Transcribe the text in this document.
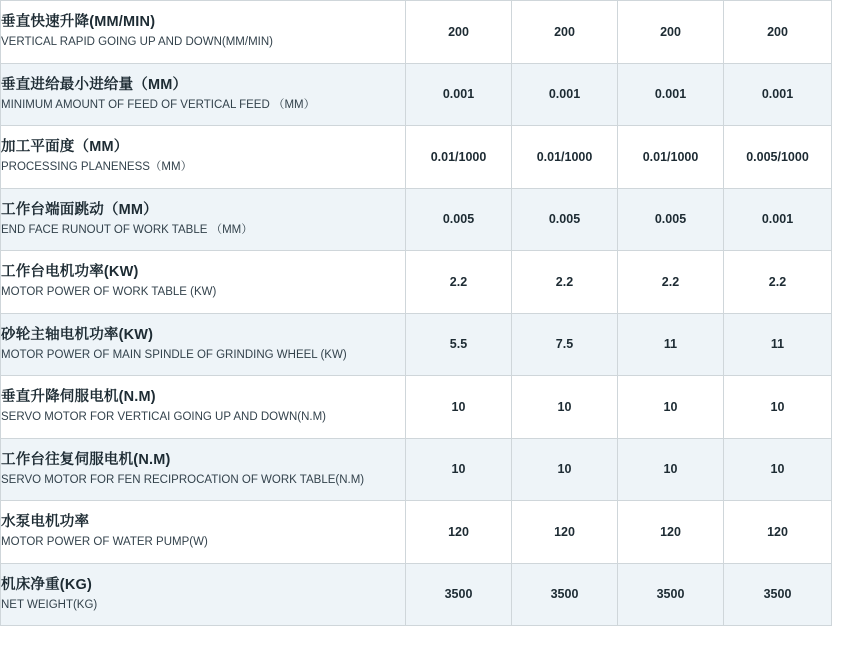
垂直快速升降(MM/MIN)
VERTICAL RAPID GOING UP AND DOWN(MM/MIN)	200	200	200	200

垂直进给最小进给量（MM）
MINIMUM AMOUNT OF FEED OF VERTICAL FEED （MM）	0.001	0.001	0.001	0.001

加工平面度（MM）
PROCESSING PLANENESS（MM）	0.01/1000	0.01/1000	0.01/1000	0.005/1000

工作台端面跳动（MM）
END FACE RUNOUT OF WORK TABLE （MM）	0.005	0.005	0.005	0.001

工作台电机功率(KW)
MOTOR POWER OF WORK TABLE (KW)	2.2	2.2	2.2	2.2

砂轮主轴电机功率(KW)
MOTOR POWER OF MAIN SPINDLE OF GRINDING WHEEL (KW)	5.5	7.5	11	11

垂直升降伺服电机(N.M)
SERVO MOTOR FOR VERTICAI GOING UP AND DOWN(N.M)	10	10	10	10

工作台往复伺服电机(N.M)
SERVO MOTOR FOR FEN RECIPROCATION OF WORK TABLE(N.M)	10	10	10	10

水泵电机功率
MOTOR POWER OF WATER PUMP(W)	120	120	120	120

机床净重(KG)
NET WEIGHT(KG)	3500	3500	3500	3500
